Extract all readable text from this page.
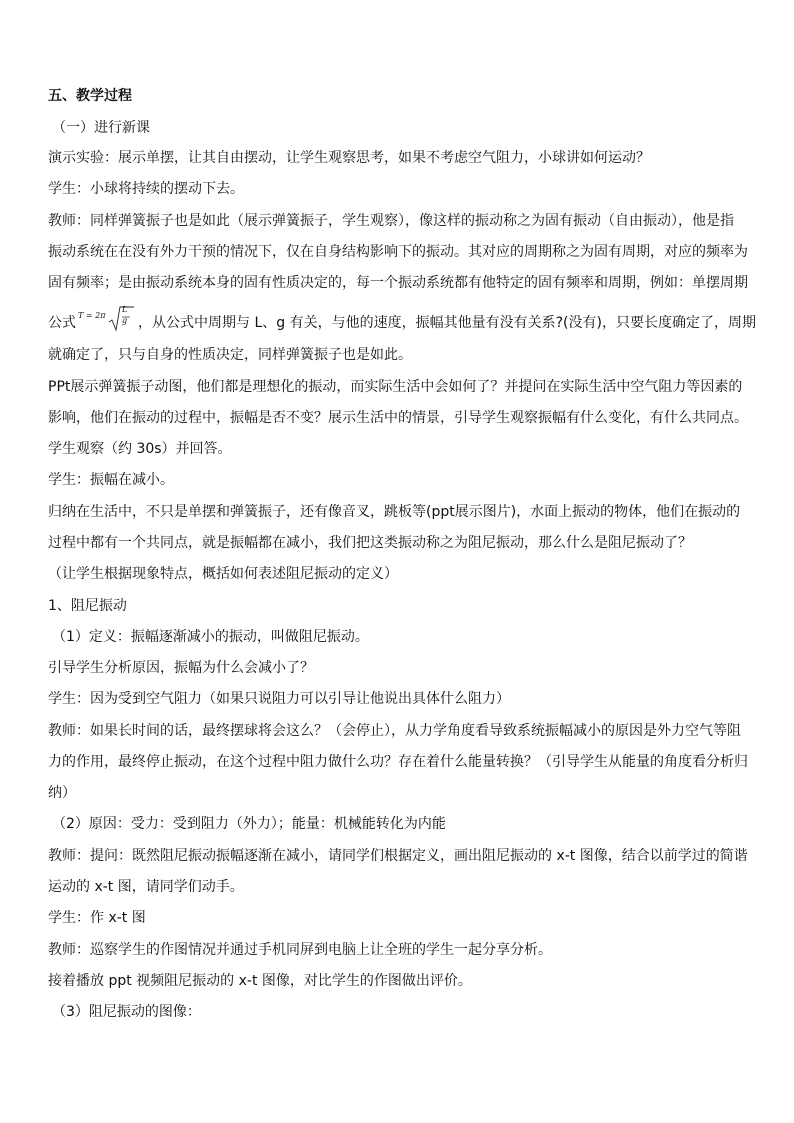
五、教学过程
（一）进行新课
演示实验：展示单摆，让其自由摆动，让学生观察思考，如果不考虑空气阻力，小球讲如何运动？
学生：小球将持续的摆动下去。
教师：同样弹簧振子也是如此（展示弹簧振子，学生观察），像这样的振动称之为固有振动（自由振动），他是指
振动系统在在没有外力干预的情况下，仅在自身结构影响下的振动。其对应的周期称之为固有周期，对应的频率为
固有频率；是由振动系统本身的固有性质决定的，每一个振动系统都有他特定的固有频率和周期，例如：单摆周期
公式 T = 2π
L
g ，从公式中周期与 L、g 有关，与他的速度，振幅其他量有没有关系?(没有)，只要长度确定了，周期
就确定了，只与自身的性质决定，同样弹簧振子也是如此。
PPt展示弹簧振子动图，他们都是理想化的振动，而实际生活中会如何了？并提问在实际生活中空气阻力等因素的
影响，他们在振动的过程中，振幅是否不变？展示生活中的情景，引导学生观察振幅有什么变化，有什么共同点。
学生观察（约 30s）并回答。
学生：振幅在减小。
归纳在生活中，不只是单摆和弹簧振子，还有像音叉，跳板等(ppt展示图片)，水面上振动的物体，他们在振动的
过程中都有一个共同点，就是振幅都在减小，我们把这类振动称之为阻尼振动，那么什么是阻尼振动了？
（让学生根据现象特点，概括如何表述阻尼振动的定义）
1、阻尼振动
（1）定义：振幅逐渐减小的振动，叫做阻尼振动。
引导学生分析原因，振幅为什么会减小了？
学生：因为受到空气阻力（如果只说阻力可以引导让他说出具体什么阻力）
教师：如果长时间的话，最终摆球将会这么？（会停止），从力学角度看导致系统振幅减小的原因是外力空气等阻
力的作用，最终停止振动，在这个过程中阻力做什么功？存在着什么能量转换？（引导学生从能量的角度看分析归
纳）
（2）原因：受力：受到阻力（外力）；能量：机械能转化为内能
教师：提问：既然阻尼振动振幅逐渐在减小，请同学们根据定义，画出阻尼振动的 x-t 图像，结合以前学过的简谐
运动的 x-t 图，请同学们动手。
学生：作 x-t 图
教师：巡察学生的作图情况并通过手机同屏到电脑上让全班的学生一起分享分析。
接着播放 ppt 视频阻尼振动的 x-t 图像，对比学生的作图做出评价。
（3）阻尼振动的图像：
